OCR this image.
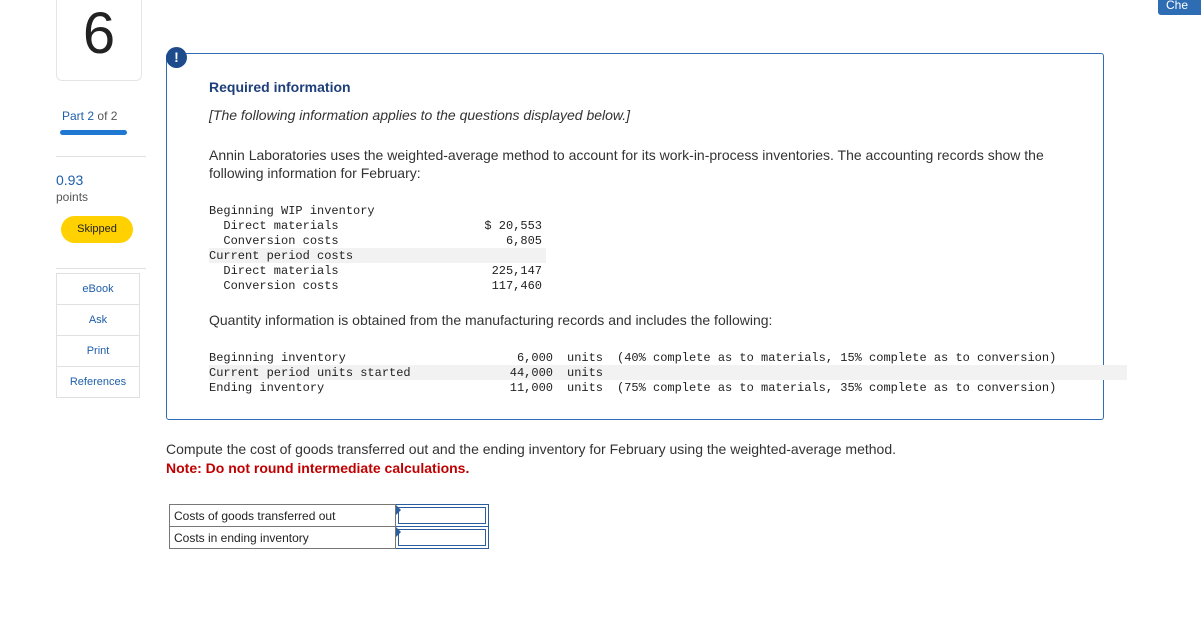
6
Part 2 of 2
0.93
points
Skipped
eBook
Ask
Print
References
Che
!
Required information
[The following information applies to the questions displayed below.]
Annin Laboratories uses the weighted-average method to account for its work-in-process inventories. The accounting records show the following information for February:
Beginning WIP inventory	
Direct materials	$ 20,553
Conversion costs	6,805
Current period costs	
Direct materials	225,147
Conversion costs	117,460
Quantity information is obtained from the manufacturing records and includes the following:
Beginning inventory	6,000	units	(40% complete as to materials, 15% complete as to conversion)
Current period units started	44,000	units	
Ending inventory	11,000	units	(75% complete as to materials, 35% complete as to conversion)
Compute the cost of goods transferred out and the ending inventory for February using the weighted-average method.
Note: Do not round intermediate calculations.
Costs of goods transferred out	

Costs in ending inventory	
